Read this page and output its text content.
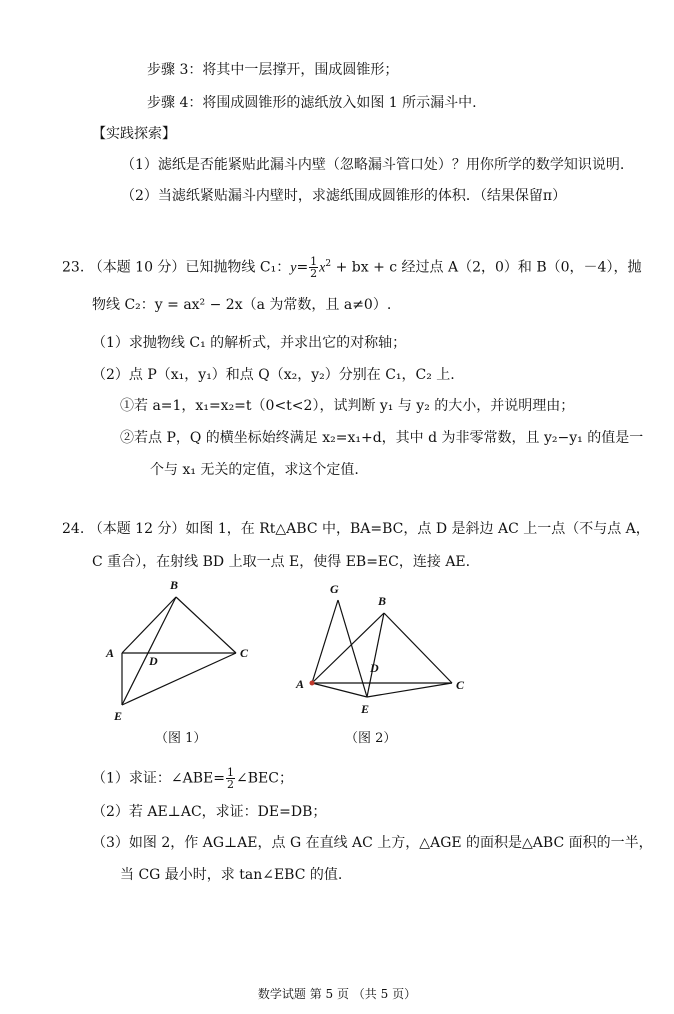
步骤 3：将其中一层撑开，围成圆锥形；
步骤 4：将围成圆锥形的滤纸放入如图 1 所示漏斗中.
【实践探索】
（1）滤纸是否能紧贴此漏斗内壁（忽略漏斗管口处）？用你所学的数学知识说明.
（2）当滤纸紧贴漏斗内壁时，求滤纸围成圆锥形的体积．（结果保留π）
23. （本题 10 分）已知抛物线 C₁：$y= \frac{1}{2} x^2$ + bx + c 经过点 A（2，0）和 B（0，－4），抛
物线 C₂：y = ax² − 2x（a 为常数，且 a≠0）.
（1）求抛物线 C₁ 的解析式，并求出它的对称轴；
（2）点 P（x₁，y₁）和点 Q（x₂，y₂）分别在 C₁，C₂ 上.
①若 a=1，x₁=x₂=t（0<t<2），试判断 y₁ 与 y₂ 的大小，并说明理由；
②若点 P，Q 的横坐标始终满足 x₂=x₁+d，其中 d 为非零常数，且 y₂−y₁ 的值是一
个与 x₁ 无关的定值，求这个定值.
24. （本题 12 分）如图 1，在 Rt△ABC 中，BA=BC，点 D 是斜边 AC 上一点（不与点 A，
C 重合），在射线 BD 上取一点 E，使得 EB=EC，连接 AE.
B
A	C
D
E
（图 1）
G
B
A	C
D
E
（图 2）
（1）求证：∠ABE= $\frac{1}{2}$ ∠BEC；
（2）若 AE⊥AC，求证：DE=DB；
（3）如图 2，作 AG⊥AE，点 G 在直线 AC 上方，△AGE 的面积是△ABC 面积的一半，
当 CG 最小时，求 tan∠EBC 的值.
数学试题 第 5 页 （共 5 页）
